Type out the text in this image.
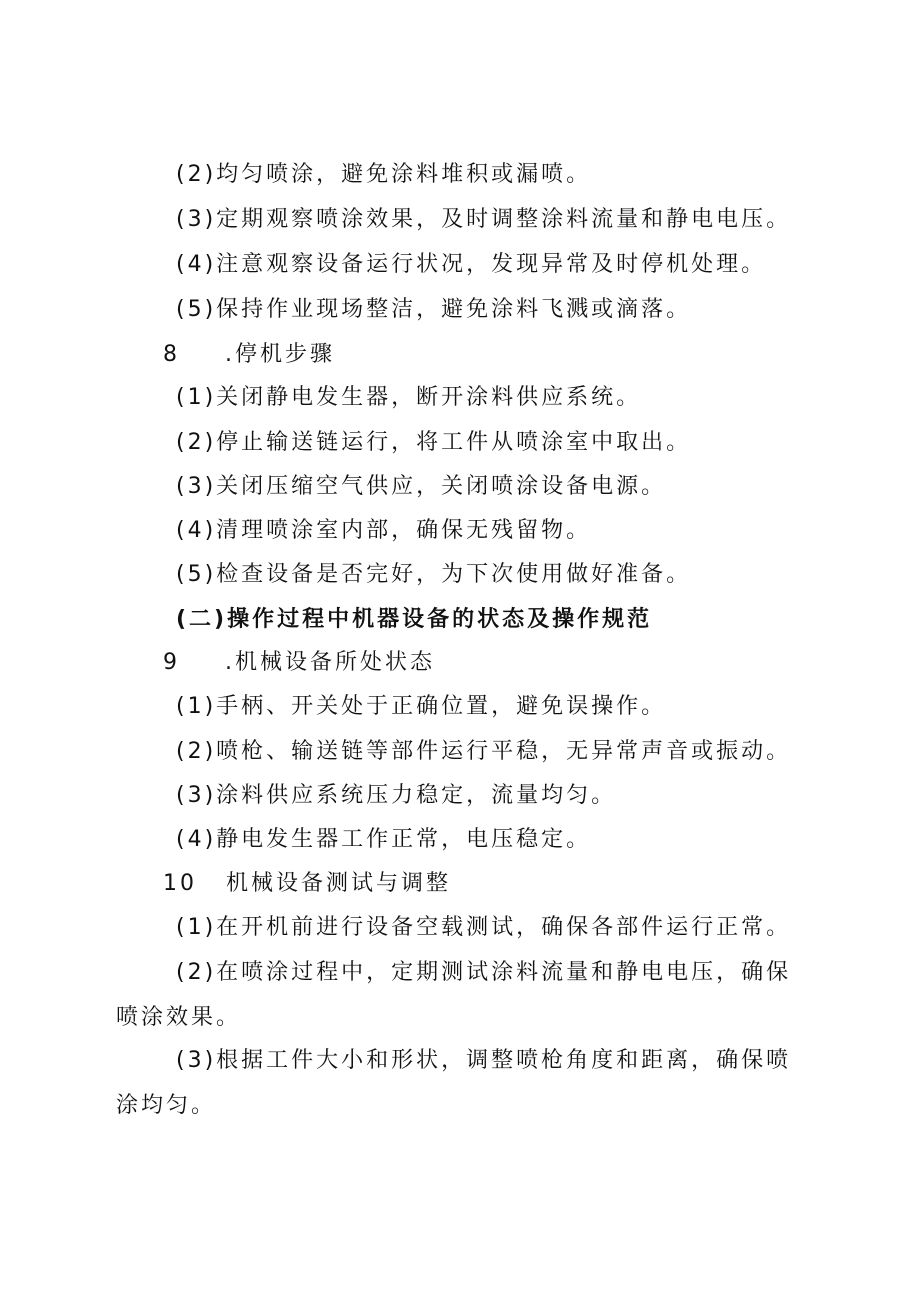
(2)均匀喷涂，避免涂料堆积或漏喷。
(3)定期观察喷涂效果，及时调整涂料流量和静电电压。
(4)注意观察设备运行状况，发现异常及时停机处理。
(5)保持作业现场整洁，避免涂料飞溅或滴落。
8 .停机步骤
(1)关闭静电发生器，断开涂料供应系统。
(2)停止输送链运行，将工件从喷涂室中取出。
(3)关闭压缩空气供应，关闭喷涂设备电源。
(4)清理喷涂室内部，确保无残留物。
(5)检查设备是否完好，为下次使用做好准备。
(二)操作过程中机器设备的状态及操作规范
9 .机械设备所处状态
(1)手柄、开关处于正确位置，避免误操作。
(2)喷枪、输送链等部件运行平稳，无异常声音或振动。
(3)涂料供应系统压力稳定，流量均匀。
(4)静电发生器工作正常，电压稳定。
10 机械设备测试与调整
(1)在开机前进行设备空载测试，确保各部件运行正常。
(2)在喷涂过程中，定期测试涂料流量和静电电压，确保喷涂效果。
(3)根据工件大小和形状，调整喷枪角度和距离，确保喷涂均匀。
